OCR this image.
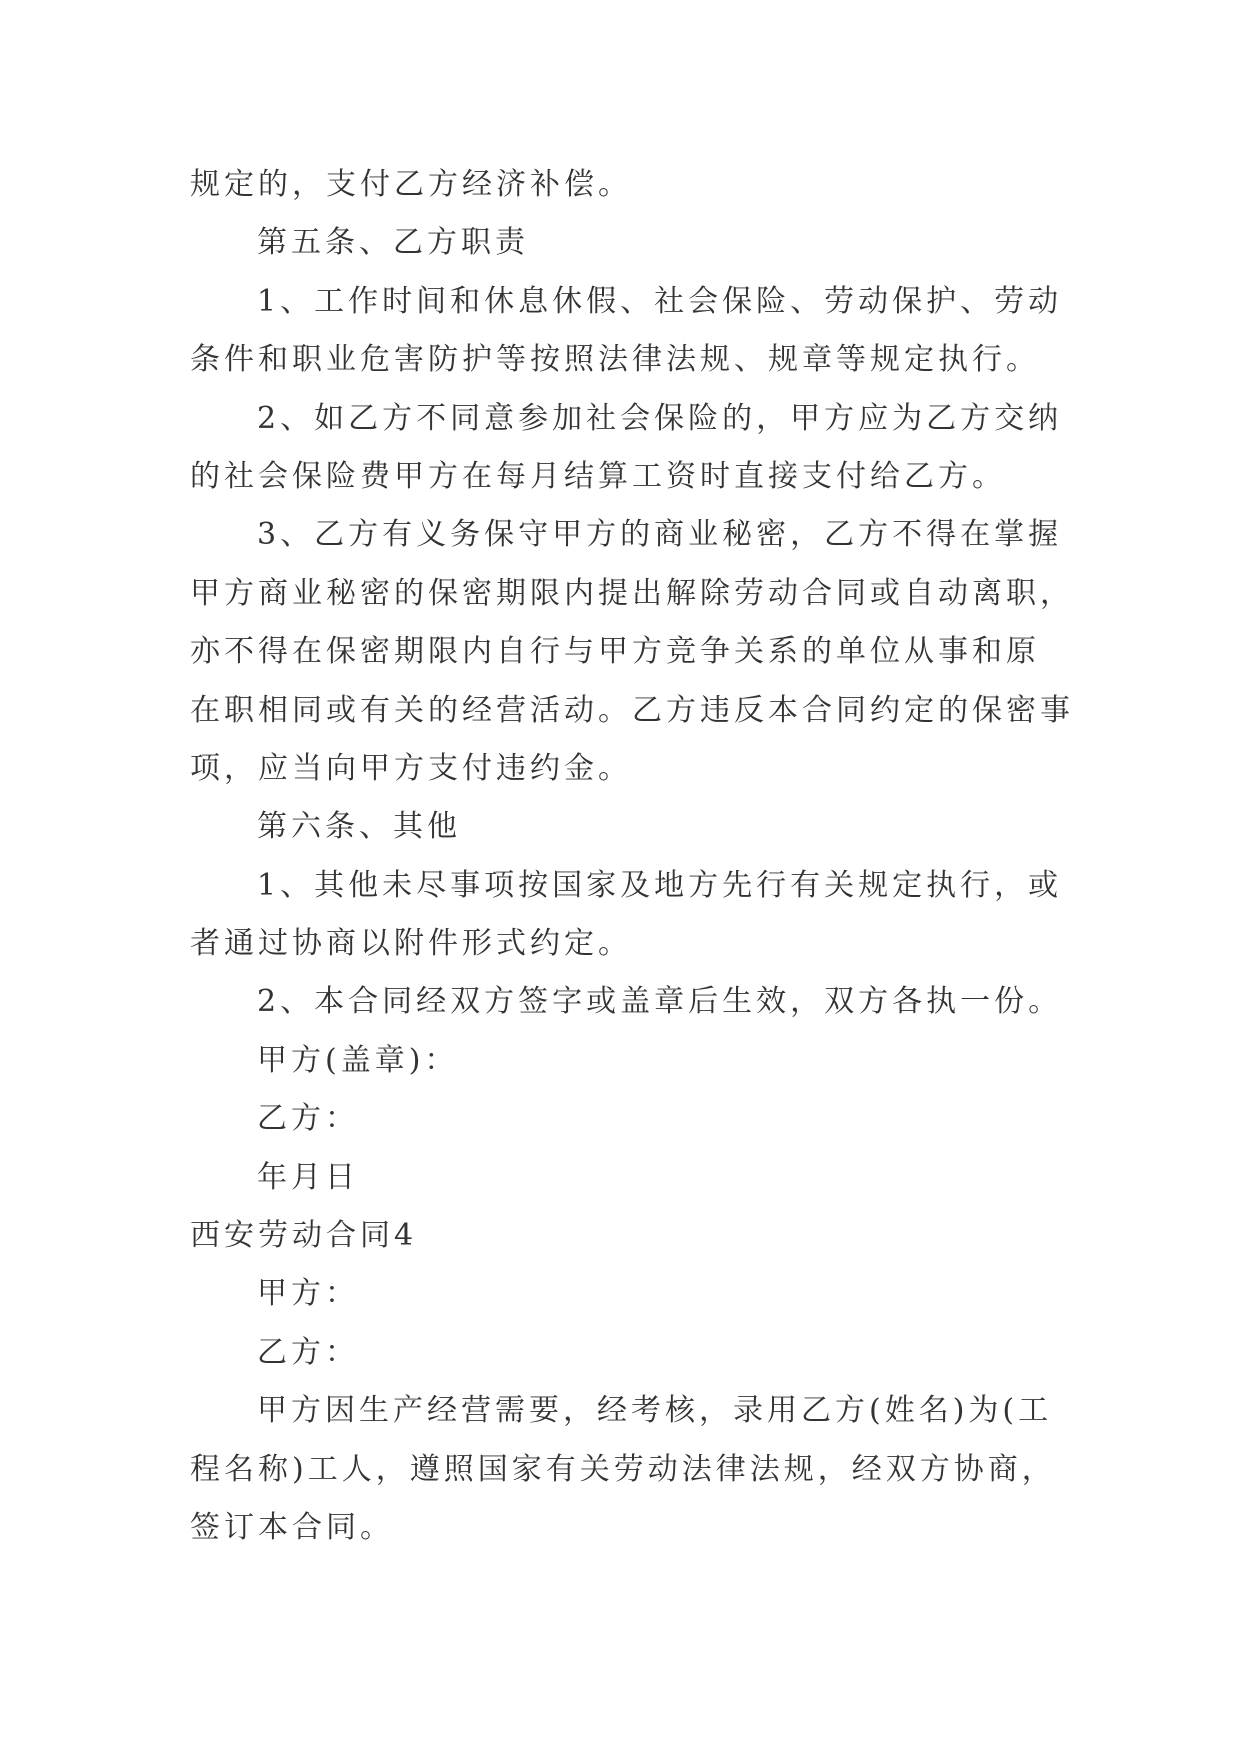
规定的，支付乙方经济补偿。
第五条、乙方职责
1、工作时间和休息休假、社会保险、劳动保护、劳动
条件和职业危害防护等按照法律法规、规章等规定执行。
2、如乙方不同意参加社会保险的，甲方应为乙方交纳
的社会保险费甲方在每月结算工资时直接支付给乙方。
3、乙方有义务保守甲方的商业秘密，乙方不得在掌握
甲方商业秘密的保密期限内提出解除劳动合同或自动离职，
亦不得在保密期限内自行与甲方竞争关系的单位从事和原
在职相同或有关的经营活动。乙方违反本合同约定的保密事
项，应当向甲方支付违约金。
第六条、其他
1、其他未尽事项按国家及地方先行有关规定执行，或
者通过协商以附件形式约定。
2、本合同经双方签字或盖章后生效，双方各执一份。
甲方(盖章)：
乙方：
年月日
西安劳动合同4
甲方：
乙方：
甲方因生产经营需要，经考核，录用乙方(姓名)为(工
程名称)工人，遵照国家有关劳动法律法规，经双方协商，
签订本合同。
